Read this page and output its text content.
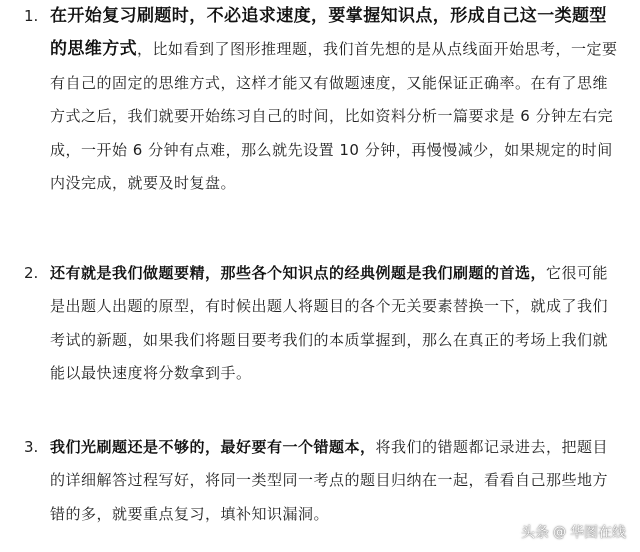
1. 在开始复习刷题时，不必追求速度，要掌握知识点，形成自己这一类题型的思维方式，比如看到了图形推理题，我们首先想的是从点线面开始思考，一定要有自己的固定的思维方式，这样才能又有做题速度，又能保证正确率。在有了思维方式之后，我们就要开始练习自己的时间，比如资料分析一篇要求是 6 分钟左右完成，一开始 6 分钟有点难，那么就先设置 10 分钟，再慢慢减少，如果规定的时间内没完成，就要及时复盘。

2. 还有就是我们做题要精，那些各个知识点的经典例题是我们刷题的首选，它很可能是出题人出题的原型，有时候出题人将题目的各个无关要素替换一下，就成了我们考试的新题，如果我们将题目要考我们的本质掌握到，那么在真正的考场上我们就能以最快速度将分数拿到手。

3. 我们光刷题还是不够的，最好要有一个错题本，将我们的错题都记录进去，把题目的详细解答过程写好，将同一类型同一考点的题目归纳在一起，看看自己那些地方错的多，就要重点复习，填补知识漏洞。

头条 @ 华图在线
